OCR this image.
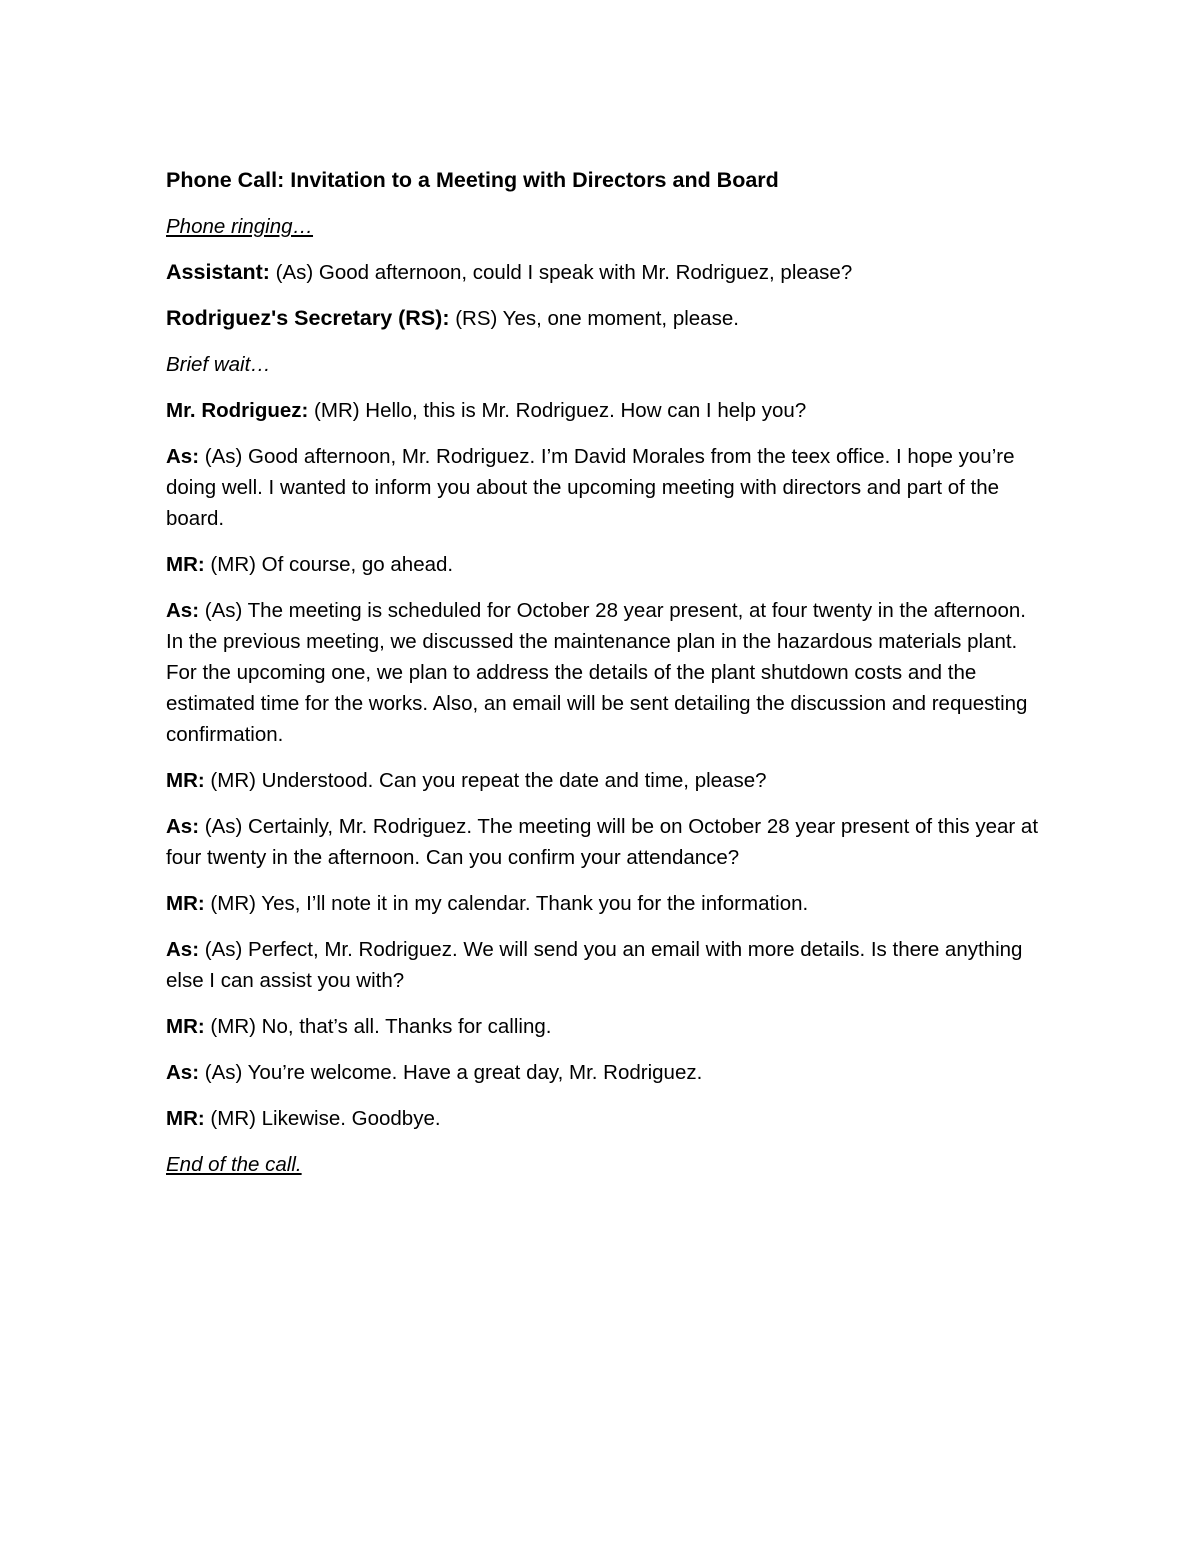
Phone Call: Invitation to a Meeting with Directors and Board
Phone ringing…
Assistant: (As) Good afternoon, could I speak with Mr. Rodriguez, please?
Rodriguez's Secretary (RS): (RS) Yes, one moment, please.
Brief wait…
Mr. Rodriguez: (MR) Hello, this is Mr. Rodriguez. How can I help you?
As: (As) Good afternoon, Mr. Rodriguez. I’m David Morales from the teex office. I hope you’re doing well. I wanted to inform you about the upcoming meeting with directors and part of the board.
MR: (MR) Of course, go ahead.
As: (As) The meeting is scheduled for October 28 year present, at four twenty in the afternoon. In the previous meeting, we discussed the maintenance plan in the hazardous materials plant. For the upcoming one, we plan to address the details of the plant shutdown costs and the estimated time for the works. Also, an email will be sent detailing the discussion and requesting confirmation.
MR: (MR) Understood. Can you repeat the date and time, please?
As: (As) Certainly, Mr. Rodriguez. The meeting will be on October 28 year present of this year at four twenty in the afternoon. Can you confirm your attendance?
MR: (MR) Yes, I’ll note it in my calendar. Thank you for the information.
As: (As) Perfect, Mr. Rodriguez. We will send you an email with more details. Is there anything else I can assist you with?
MR: (MR) No, that’s all. Thanks for calling.
As: (As) You’re welcome. Have a great day, Mr. Rodriguez.
MR: (MR) Likewise. Goodbye.
End of the call.
